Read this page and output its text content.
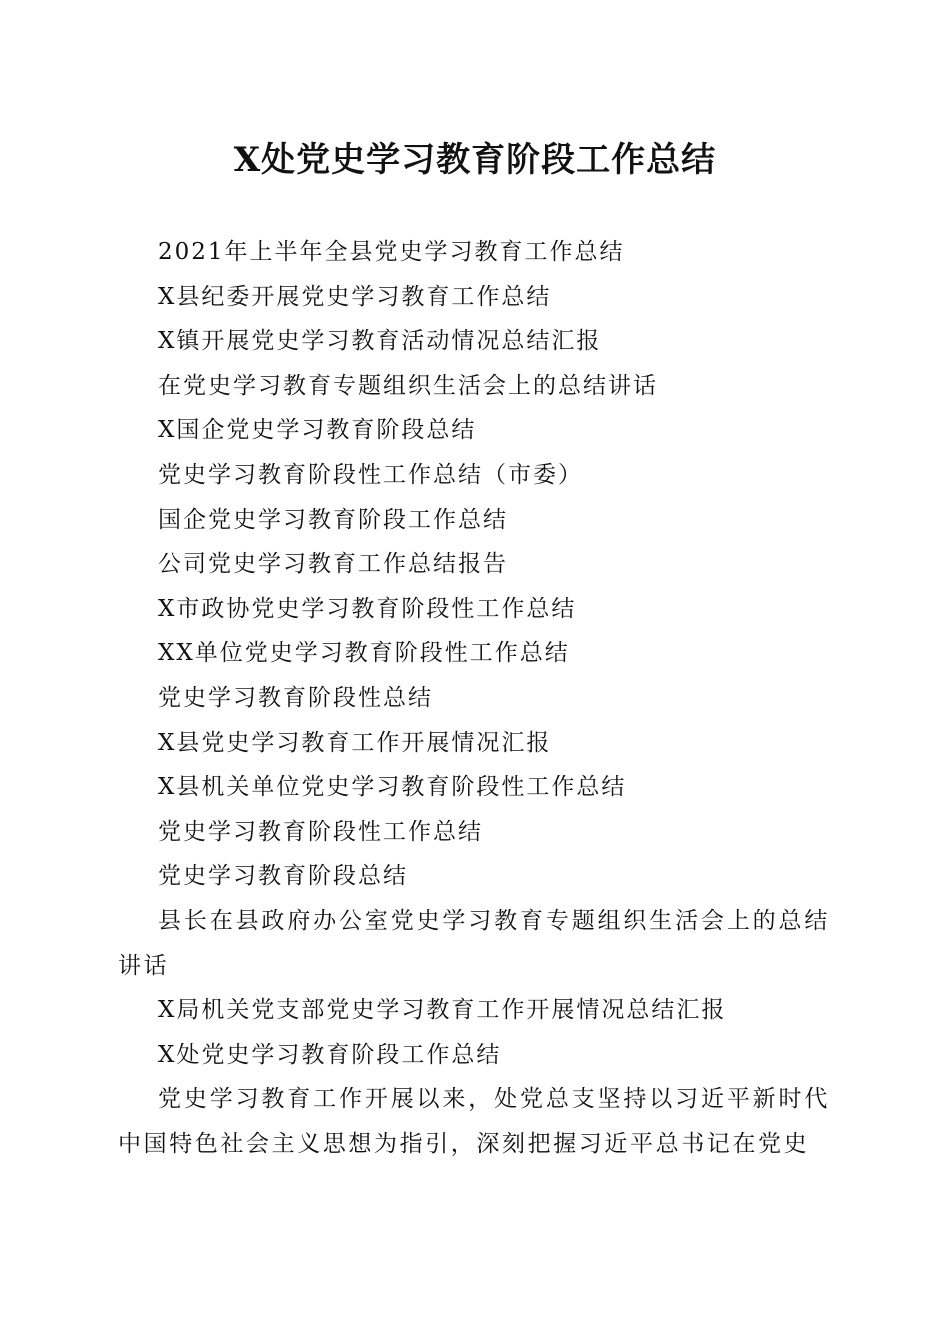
X处党史学习教育阶段工作总结
2021年上半年全县党史学习教育工作总结
X县纪委开展党史学习教育工作总结
X镇开展党史学习教育活动情况总结汇报
在党史学习教育专题组织生活会上的总结讲话
X国企党史学习教育阶段总结
党史学习教育阶段性工作总结（市委）
国企党史学习教育阶段工作总结
公司党史学习教育工作总结报告
X市政协党史学习教育阶段性工作总结
XX单位党史学习教育阶段性工作总结
党史学习教育阶段性总结
X县党史学习教育工作开展情况汇报
X县机关单位党史学习教育阶段性工作总结
党史学习教育阶段性工作总结
党史学习教育阶段总结

县长在县政府办公室党史学习教育专题组织生活会上的总结讲话

X局机关党支部党史学习教育工作开展情况总结汇报
X处党史学习教育阶段工作总结

党史学习教育工作开展以来，处党总支坚持以习近平新时代中国特色社会主义思想为指引，深刻把握习近平总书记在党史
